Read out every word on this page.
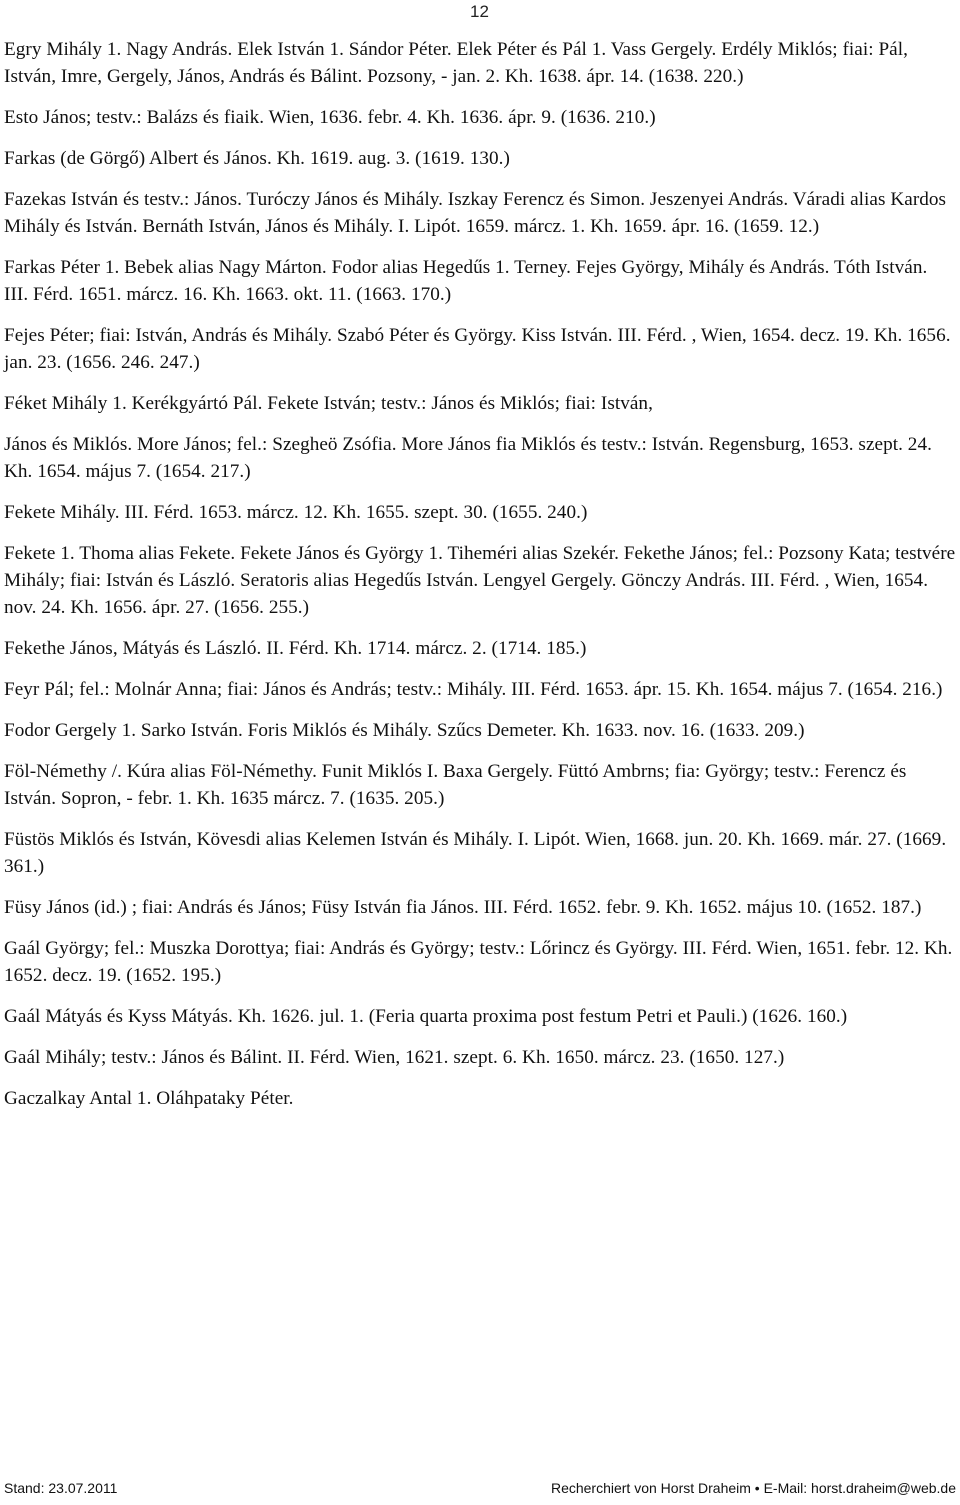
12

Egry Mihály 1. Nagy András. Elek István 1. Sándor Péter. Elek Péter és Pál 1. Vass Gergely. Erdély Miklós; fiai: Pál, István, Imre, Gergely, János, András és Bálint. Pozsony, - jan. 2. Kh. 1638. ápr. 14. (1638. 220.)

Esto János; testv.: Balázs és fiaik. Wien, 1636. febr. 4. Kh. 1636. ápr. 9. (1636. 210.)

Farkas (de Görgő) Albert és János. Kh. 1619. aug. 3. (1619. 130.)

Fazekas István és testv.: János. Turóczy János és Mihály. Iszkay Ferencz és Simon. Jeszenyei András. Váradi alias Kardos Mihály és István. Bernáth István, János és Mihály. I. Lipót. 1659. márcz. 1. Kh. 1659. ápr. 16. (1659. 12.)

Farkas Péter 1. Bebek alias Nagy Márton. Fodor alias Hegedűs 1. Terney. Fejes György, Mihály és András. Tóth István. III. Férd. 1651. márcz. 16. Kh. 1663. okt. 11. (1663. 170.)

Fejes Péter; fiai: István, András és Mihály. Szabó Péter és György. Kiss István. III. Férd. , Wien, 1654. decz. 19. Kh. 1656. jan. 23. (1656. 246. 247.)

Féket Mihály 1. Kerékgyártó Pál. Fekete István; testv.: János és Miklós; fiai: István,

János és Miklós. More János; fel.: Szegheö Zsófia. More János fia Miklós és testv.: István. Regensburg, 1653. szept. 24. Kh. 1654. május 7. (1654. 217.)

Fekete Mihály. III. Férd. 1653. márcz. 12. Kh. 1655. szept. 30. (1655. 240.)

Fekete 1. Thoma alias Fekete. Fekete János és György 1. Tiheméri alias Szekér. Fekethe János; fel.: Pozsony Kata; testvére Mihály; fiai: István és László. Seratoris alias Hegedűs István. Lengyel Gergely. Gönczy András. III. Férd. , Wien, 1654. nov. 24. Kh. 1656. ápr. 27. (1656. 255.)

Fekethe János, Mátyás és László. II. Férd. Kh. 1714. márcz. 2. (1714. 185.)

Feyr Pál; fel.: Molnár Anna; fiai: János és András; testv.: Mihály. III. Férd. 1653. ápr. 15. Kh. 1654. május 7. (1654. 216.)

Fodor Gergely 1. Sarko István. Foris Miklós és Mihály. Szűcs Demeter. Kh. 1633. nov. 16. (1633. 209.)

Föl-Némethy /. Kúra alias Föl-Némethy. Funit Miklós I. Baxa Gergely. Füttó Ambrns; fia: György; testv.: Ferencz és István. Sopron, - febr. 1. Kh. 1635 márcz. 7. (1635. 205.)

Füstös Miklós és István, Kövesdi alias Kelemen István és Mihály. I. Lipót. Wien, 1668. jun. 20. Kh. 1669. már. 27. (1669. 361.)

Füsy János (id.) ; fiai: András és János; Füsy István fia János. III. Férd. 1652. febr. 9. Kh. 1652. május 10. (1652. 187.)

Gaál György; fel.: Muszka Dorottya; fiai: András és György; testv.: Lőrincz és György. III. Férd. Wien, 1651. febr. 12. Kh. 1652. decz. 19. (1652. 195.)

Gaál Mátyás és Kyss Mátyás. Kh. 1626. jul. 1. (Feria quarta proxima post festum Petri et Pauli.) (1626. 160.)

Gaál Mihály; testv.: János és Bálint. II. Férd. Wien, 1621. szept. 6. Kh. 1650. márcz. 23. (1650. 127.)

Gaczalkay Antal 1. Oláhpataky Péter.

Stand: 23.07.2011	Recherchiert von Horst Draheim • E-Mail: horst.draheim@web.de
